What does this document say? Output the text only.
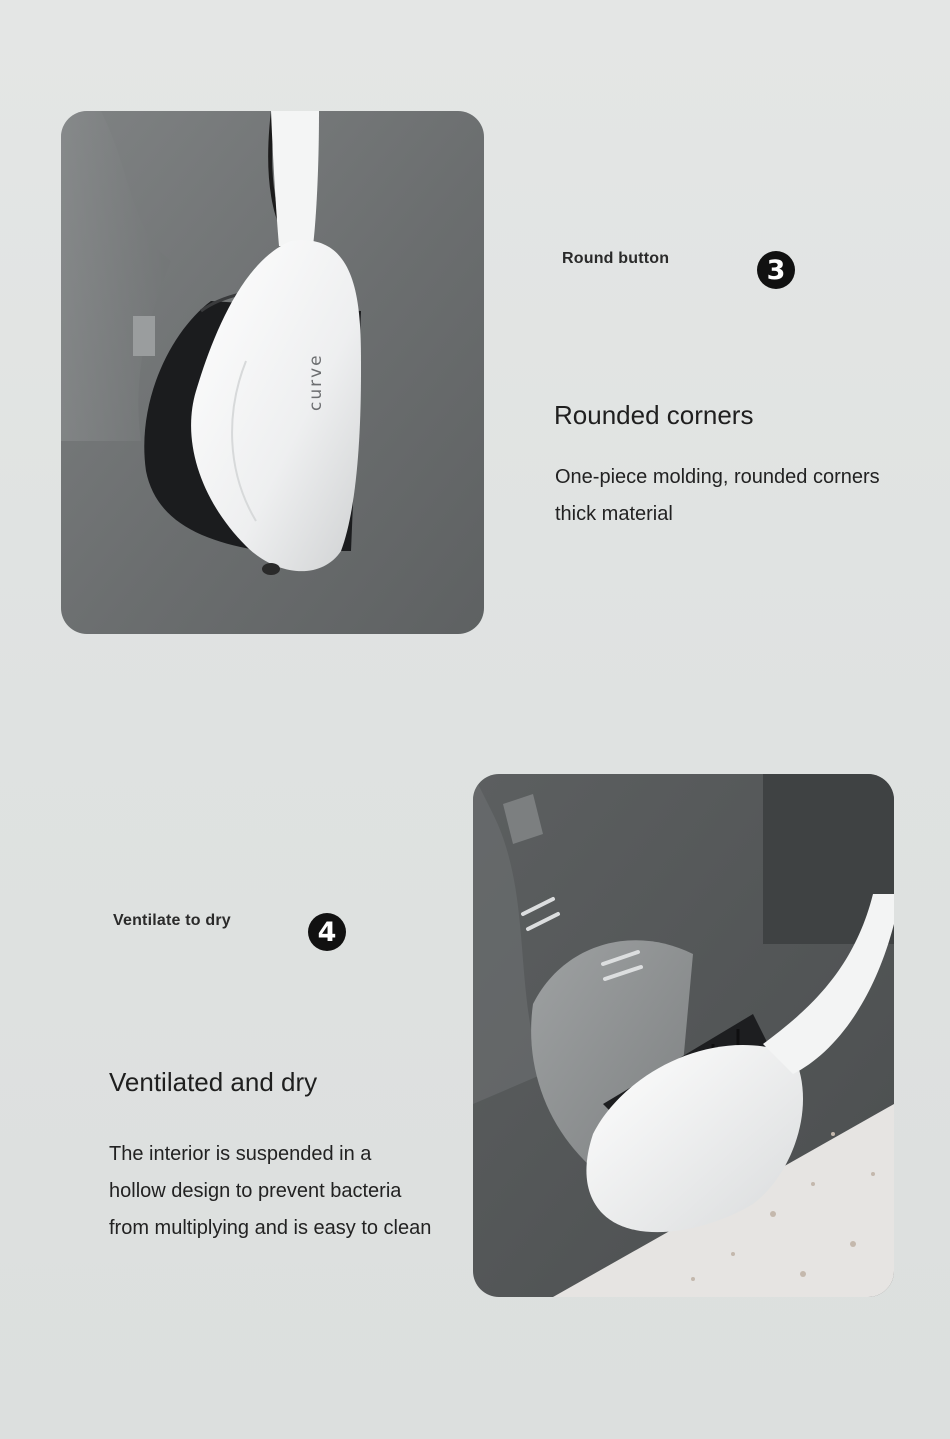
curve
Round button	3
Rounded corners

One-piece molding, rounded corners
thick material

Ventilate to dry	4
Ventilated and dry

The interior is suspended in a
hollow design to prevent bacteria
from multiplying and is easy to clean
